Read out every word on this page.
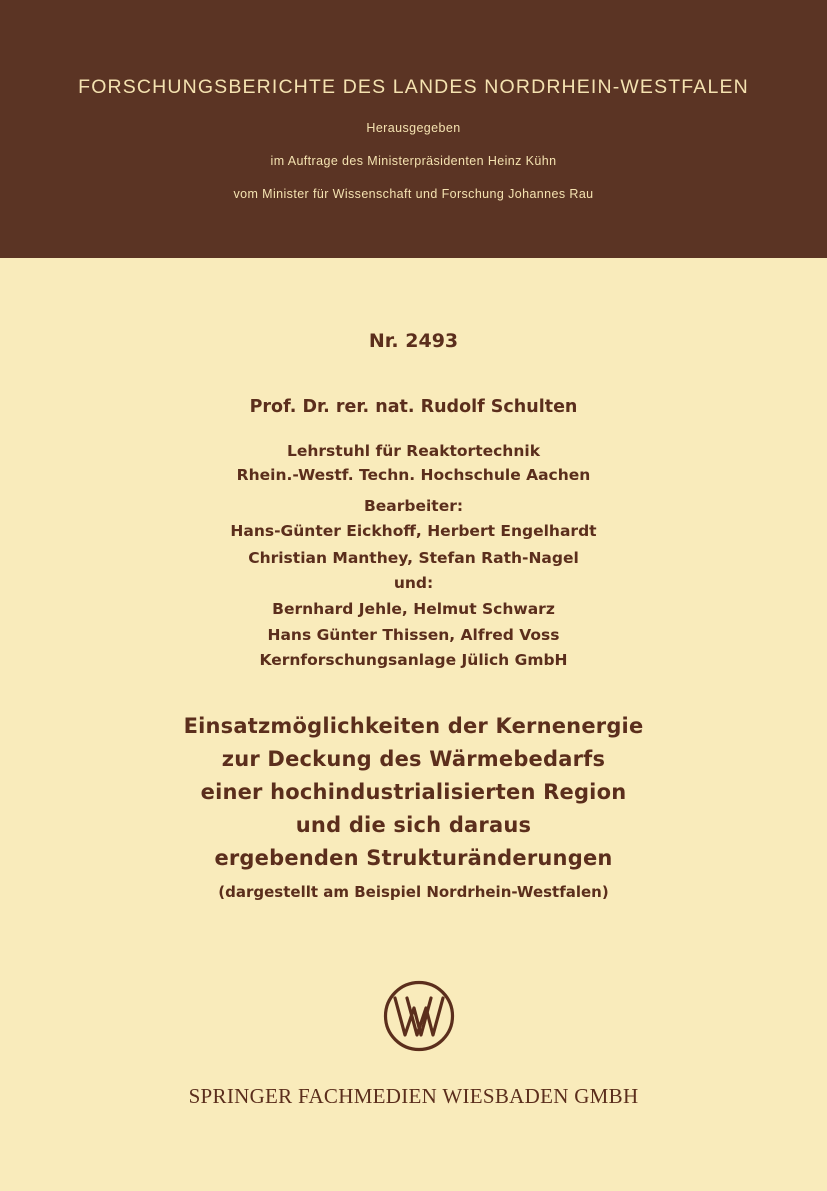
FORSCHUNGSBERICHTE DES LANDES NORDRHEIN-WESTFALEN
Herausgegeben
im Auftrage des Ministerpräsidenten Heinz Kühn
vom Minister für Wissenschaft und Forschung Johannes Rau
Nr. 2493
Prof. Dr. rer. nat. Rudolf Schulten
Lehrstuhl für Reaktortechnik
Rhein.-Westf. Techn. Hochschule Aachen
Bearbeiter:
Hans-Günter Eickhoff, Herbert Engelhardt
Christian Manthey, Stefan Rath-Nagel
und:
Bernhard Jehle, Helmut Schwarz
Hans Günter Thissen, Alfred Voss
Kernforschungsanlage Jülich GmbH
Einsatzmöglichkeiten der Kernenergie
zur Deckung des Wärmebedarfs
einer hochindustrialisierten Region
und die sich daraus
ergebenden Strukturänderungen
(dargestellt am Beispiel Nordrhein-Westfalen)
SPRINGER FACHMEDIEN WIESBADEN GMBH
